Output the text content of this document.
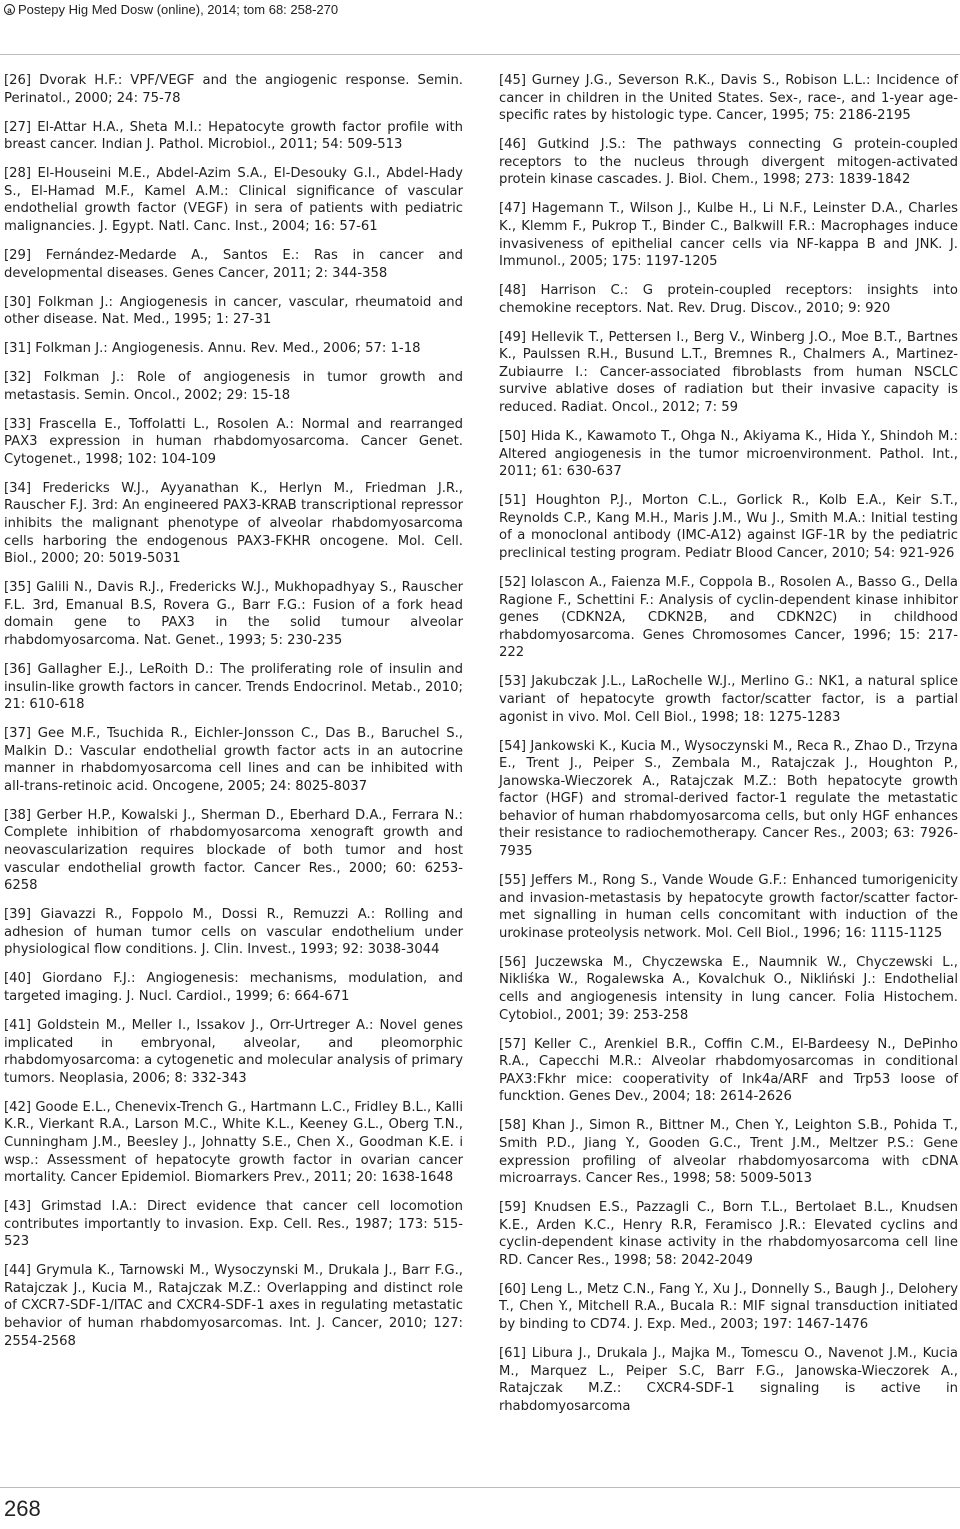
a Postepy Hig Med Dosw (online), 2014; tom 68: 258-270

[26] Dvorak H.F.: VPF/VEGF and the angiogenic response. Semin. Perinatol., 2000; 24: 75-78

[27] El-Attar H.A., Sheta M.I.: Hepatocyte growth factor profile with breast cancer. Indian J. Pathol. Microbiol., 2011; 54: 509-513

[28] El-Houseini M.E., Abdel-Azim S.A., El-Desouky G.I., Abdel-Hady S., El-Hamad M.F., Kamel A.M.: Clinical significance of vascular endothelial growth factor (VEGF) in sera of patients with pediatric malignancies. J. Egypt. Natl. Canc. Inst., 2004; 16: 57-61

[29] Fernández-Medarde A., Santos E.: Ras in cancer and developmental diseases. Genes Cancer, 2011; 2: 344-358

[30] Folkman J.: Angiogenesis in cancer, vascular, rheumatoid and other disease. Nat. Med., 1995; 1: 27-31

[31] Folkman J.: Angiogenesis. Annu. Rev. Med., 2006; 57: 1-18

[32] Folkman J.: Role of angiogenesis in tumor growth and metastasis. Semin. Oncol., 2002; 29: 15-18

[33] Frascella E., Toffolatti L., Rosolen A.: Normal and rearranged PAX3 expression in human rhabdomyosarcoma. Cancer Genet. Cytogenet., 1998; 102: 104-109

[34] Fredericks W.J., Ayyanathan K., Herlyn M., Friedman J.R., Rauscher F.J. 3rd: An engineered PAX3-KRAB transcriptional repressor inhibits the malignant phenotype of alveolar rhabdomyosarcoma cells harboring the endogenous PAX3-FKHR oncogene. Mol. Cell. Biol., 2000; 20: 5019-5031

[35] Galili N., Davis R.J., Fredericks W.J., Mukhopadhyay S., Rauscher F.L. 3rd, Emanual B.S, Rovera G., Barr F.G.: Fusion of a fork head domain gene to PAX3 in the solid tumour alveolar rhabdomyosarcoma. Nat. Genet., 1993; 5: 230-235

[36] Gallagher E.J., LeRoith D.: The proliferating role of insulin and insulin-like growth factors in cancer. Trends Endocrinol. Metab., 2010; 21: 610-618

[37] Gee M.F., Tsuchida R., Eichler-Jonsson C., Das B., Baruchel S., Malkin D.: Vascular endothelial growth factor acts in an autocrine manner in rhabdomyosarcoma cell lines and can be inhibited with all-trans-retinoic acid. Oncogene, 2005; 24: 8025-8037

[38] Gerber H.P., Kowalski J., Sherman D., Eberhard D.A., Ferrara N.: Complete inhibition of rhabdomyosarcoma xenograft growth and neovascularization requires blockade of both tumor and host vascular endothelial growth factor. Cancer Res., 2000; 60: 6253-6258

[39] Giavazzi R., Foppolo M., Dossi R., Remuzzi A.: Rolling and adhesion of human tumor cells on vascular endothelium under physiological flow conditions. J. Clin. Invest., 1993; 92: 3038-3044

[40] Giordano F.J.: Angiogenesis: mechanisms, modulation, and targeted imaging. J. Nucl. Cardiol., 1999; 6: 664-671

[41] Goldstein M., Meller I., Issakov J., Orr-Urtreger A.: Novel genes implicated in embryonal, alveolar, and pleomorphic rhabdomyosarcoma: a cytogenetic and molecular analysis of primary tumors. Neoplasia, 2006; 8: 332-343

[42] Goode E.L., Chenevix-Trench G., Hartmann L.C., Fridley B.L., Kalli K.R., Vierkant R.A., Larson M.C., White K.L., Keeney G.L., Oberg T.N., Cunningham J.M., Beesley J., Johnatty S.E., Chen X., Goodman K.E. i wsp.: Assessment of hepatocyte growth factor in ovarian cancer mortality. Cancer Epidemiol. Biomarkers Prev., 2011; 20: 1638-1648

[43] Grimstad I.A.: Direct evidence that cancer cell locomotion contributes importantly to invasion. Exp. Cell. Res., 1987; 173: 515-523

[44] Grymula K., Tarnowski M., Wysoczynski M., Drukala J., Barr F.G., Ratajczak J., Kucia M., Ratajczak M.Z.: Overlapping and distinct role of CXCR7-SDF-1/ITAC and CXCR4-SDF-1 axes in regulating metastatic behavior of human rhabdomyosarcomas. Int. J. Cancer, 2010; 127: 2554-2568

[45] Gurney J.G., Severson R.K., Davis S., Robison L.L.: Incidence of cancer in children in the United States. Sex-, race-, and 1-year age-specific rates by histologic type. Cancer, 1995; 75: 2186-2195

[46] Gutkind J.S.: The pathways connecting G protein-coupled receptors to the nucleus through divergent mitogen-activated protein kinase cascades. J. Biol. Chem., 1998; 273: 1839-1842

[47] Hagemann T., Wilson J., Kulbe H., Li N.F., Leinster D.A., Charles K., Klemm F., Pukrop T., Binder C., Balkwill F.R.: Macrophages induce invasiveness of epithelial cancer cells via NF-kappa B and JNK. J. Immunol., 2005; 175: 1197-1205

[48] Harrison C.: G protein-coupled receptors: insights into chemokine receptors. Nat. Rev. Drug. Discov., 2010; 9: 920

[49] Hellevik T., Pettersen I., Berg V., Winberg J.O., Moe B.T., Bartnes K., Paulssen R.H., Busund L.T., Bremnes R., Chalmers A., Martinez-Zubiaurre I.: Cancer-associated fibroblasts from human NSCLC survive ablative doses of radiation but their invasive capacity is reduced. Radiat. Oncol., 2012; 7: 59

[50] Hida K., Kawamoto T., Ohga N., Akiyama K., Hida Y., Shindoh M.: Altered angiogenesis in the tumor microenvironment. Pathol. Int., 2011; 61: 630-637

[51] Houghton P.J., Morton C.L., Gorlick R., Kolb E.A., Keir S.T., Reynolds C.P., Kang M.H., Maris J.M., Wu J., Smith M.A.: Initial testing of a monoclonal antibody (IMC-A12) against IGF-1R by the pediatric preclinical testing program. Pediatr Blood Cancer, 2010; 54: 921-926

[52] Iolascon A., Faienza M.F., Coppola B., Rosolen A., Basso G., Della Ragione F., Schettini F.: Analysis of cyclin-dependent kinase inhibitor genes (CDKN2A, CDKN2B, and CDKN2C) in childhood rhabdomyosarcoma. Genes Chromosomes Cancer, 1996; 15: 217-222

[53] Jakubczak J.L., LaRochelle W.J., Merlino G.: NK1, a natural splice variant of hepatocyte growth factor/scatter factor, is a partial agonist in vivo. Mol. Cell Biol., 1998; 18: 1275-1283

[54] Jankowski K., Kucia M., Wysoczynski M., Reca R., Zhao D., Trzyna E., Trent J., Peiper S., Zembala M., Ratajczak J., Houghton P., Janowska-Wieczorek A., Ratajczak M.Z.: Both hepatocyte growth factor (HGF) and stromal-derived factor-1 regulate the metastatic behavior of human rhabdomyosarcoma cells, but only HGF enhances their resistance to radiochemotherapy. Cancer Res., 2003; 63: 7926-7935

[55] Jeffers M., Rong S., Vande Woude G.F.: Enhanced tumorigenicity and invasion-metastasis by hepatocyte growth factor/scatter factor-met signalling in human cells concomitant with induction of the urokinase proteolysis network. Mol. Cell Biol., 1996; 16: 1115-1125

[56] Juczewska M., Chyczewska E., Naumnik W., Chyczewski L., Nikliśka W., Rogalewska A., Kovalchuk O., Nikliński J.: Endothelial cells and angiogenesis intensity in lung cancer. Folia Histochem. Cytobiol., 2001; 39: 253-258

[57] Keller C., Arenkiel B.R., Coffin C.M., El-Bardeesy N., DePinho R.A., Capecchi M.R.: Alveolar rhabdomyosarcomas in conditional PAX3:Fkhr mice: cooperativity of Ink4a/ARF and Trp53 loose of funcktion. Genes Dev., 2004; 18: 2614-2626

[58] Khan J., Simon R., Bittner M., Chen Y., Leighton S.B., Pohida T., Smith P.D., Jiang Y., Gooden G.C., Trent J.M., Meltzer P.S.: Gene expression profiling of alveolar rhabdomyosarcoma with cDNA microarrays. Cancer Res., 1998; 58: 5009-5013

[59] Knudsen E.S., Pazzagli C., Born T.L., Bertolaet B.L., Knudsen K.E., Arden K.C., Henry R.R, Feramisco J.R.: Elevated cyclins and cyclin-dependent kinase activity in the rhabdomyosarcoma cell line RD. Cancer Res., 1998; 58: 2042-2049

[60] Leng L., Metz C.N., Fang Y., Xu J., Donnelly S., Baugh J., Delohery T., Chen Y., Mitchell R.A., Bucala R.: MIF signal transduction initiated by binding to CD74. J. Exp. Med., 2003; 197: 1467-1476

[61] Libura J., Drukala J., Majka M., Tomescu O., Navenot J.M., Kucia M., Marquez L., Peiper S.C, Barr F.G., Janowska-Wieczorek A., Ratajczak M.Z.: CXCR4-SDF-1 signaling is active in rhabdomyosarcoma

268
